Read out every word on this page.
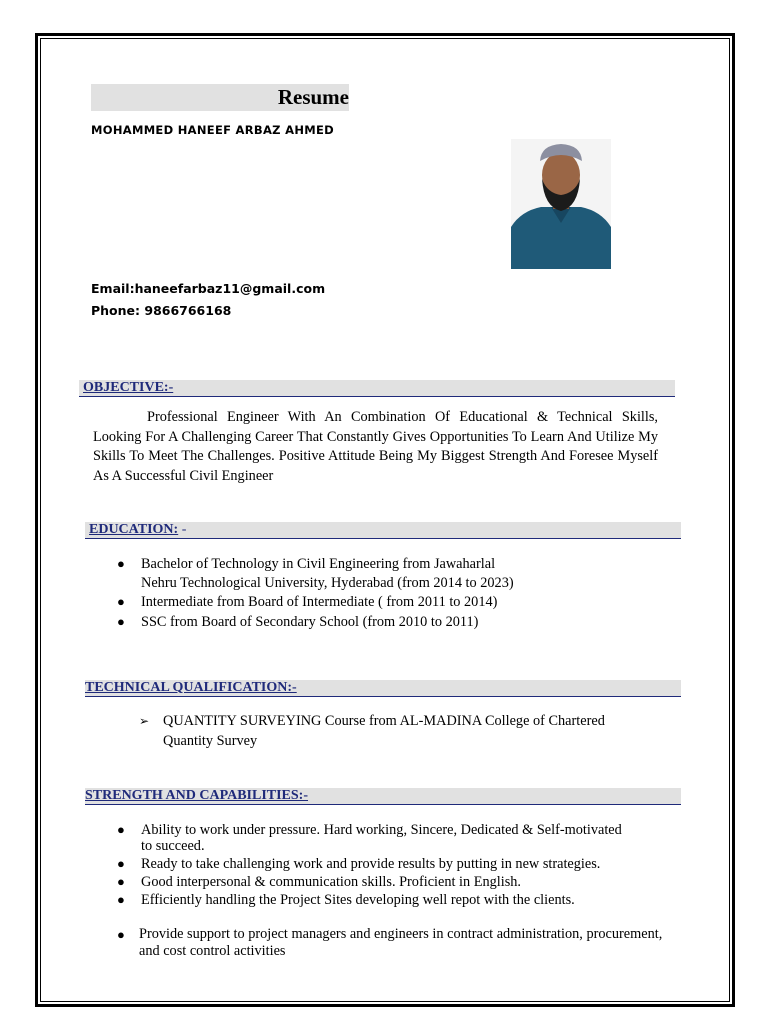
Resume
MOHAMMED HANEEF ARBAZ AHMED
Email:haneefarbaz11@gmail.com
Phone: 9866766168
OBJECTIVE:-
Professional Engineer With An Combination Of Educational & Technical Skills, Looking For A Challenging Career That Constantly Gives Opportunities To Learn And Utilize My Skills To Meet The Challenges. Positive Attitude Being My Biggest Strength And Foresee Myself As A Successful Civil Engineer
EDUCATION: -
● Bachelor of Technology in Civil Engineering from Jawaharlal
Nehru Technological University, Hyderabad (from 2014 to 2023)
● Intermediate from Board of Intermediate ( from 2011 to 2014)
● SSC from Board of Secondary School (from 2010 to 2011)
TECHNICAL QUALIFICATION:-
➢ QUANTITY SURVEYING Course from AL-MADINA College of Chartered
Quantity Survey
STRENGTH AND CAPABILITIES:-
● Ability to work under pressure. Hard working, Sincere, Dedicated & Self-motivated
to succeed.
● Ready to take challenging work and provide results by putting in new strategies.
● Good interpersonal & communication skills. Proficient in English.
● Efficiently handling the Project Sites developing well repot with the clients.
● Provide support to project managers and engineers in contract administration, procurement,
and cost control activities
